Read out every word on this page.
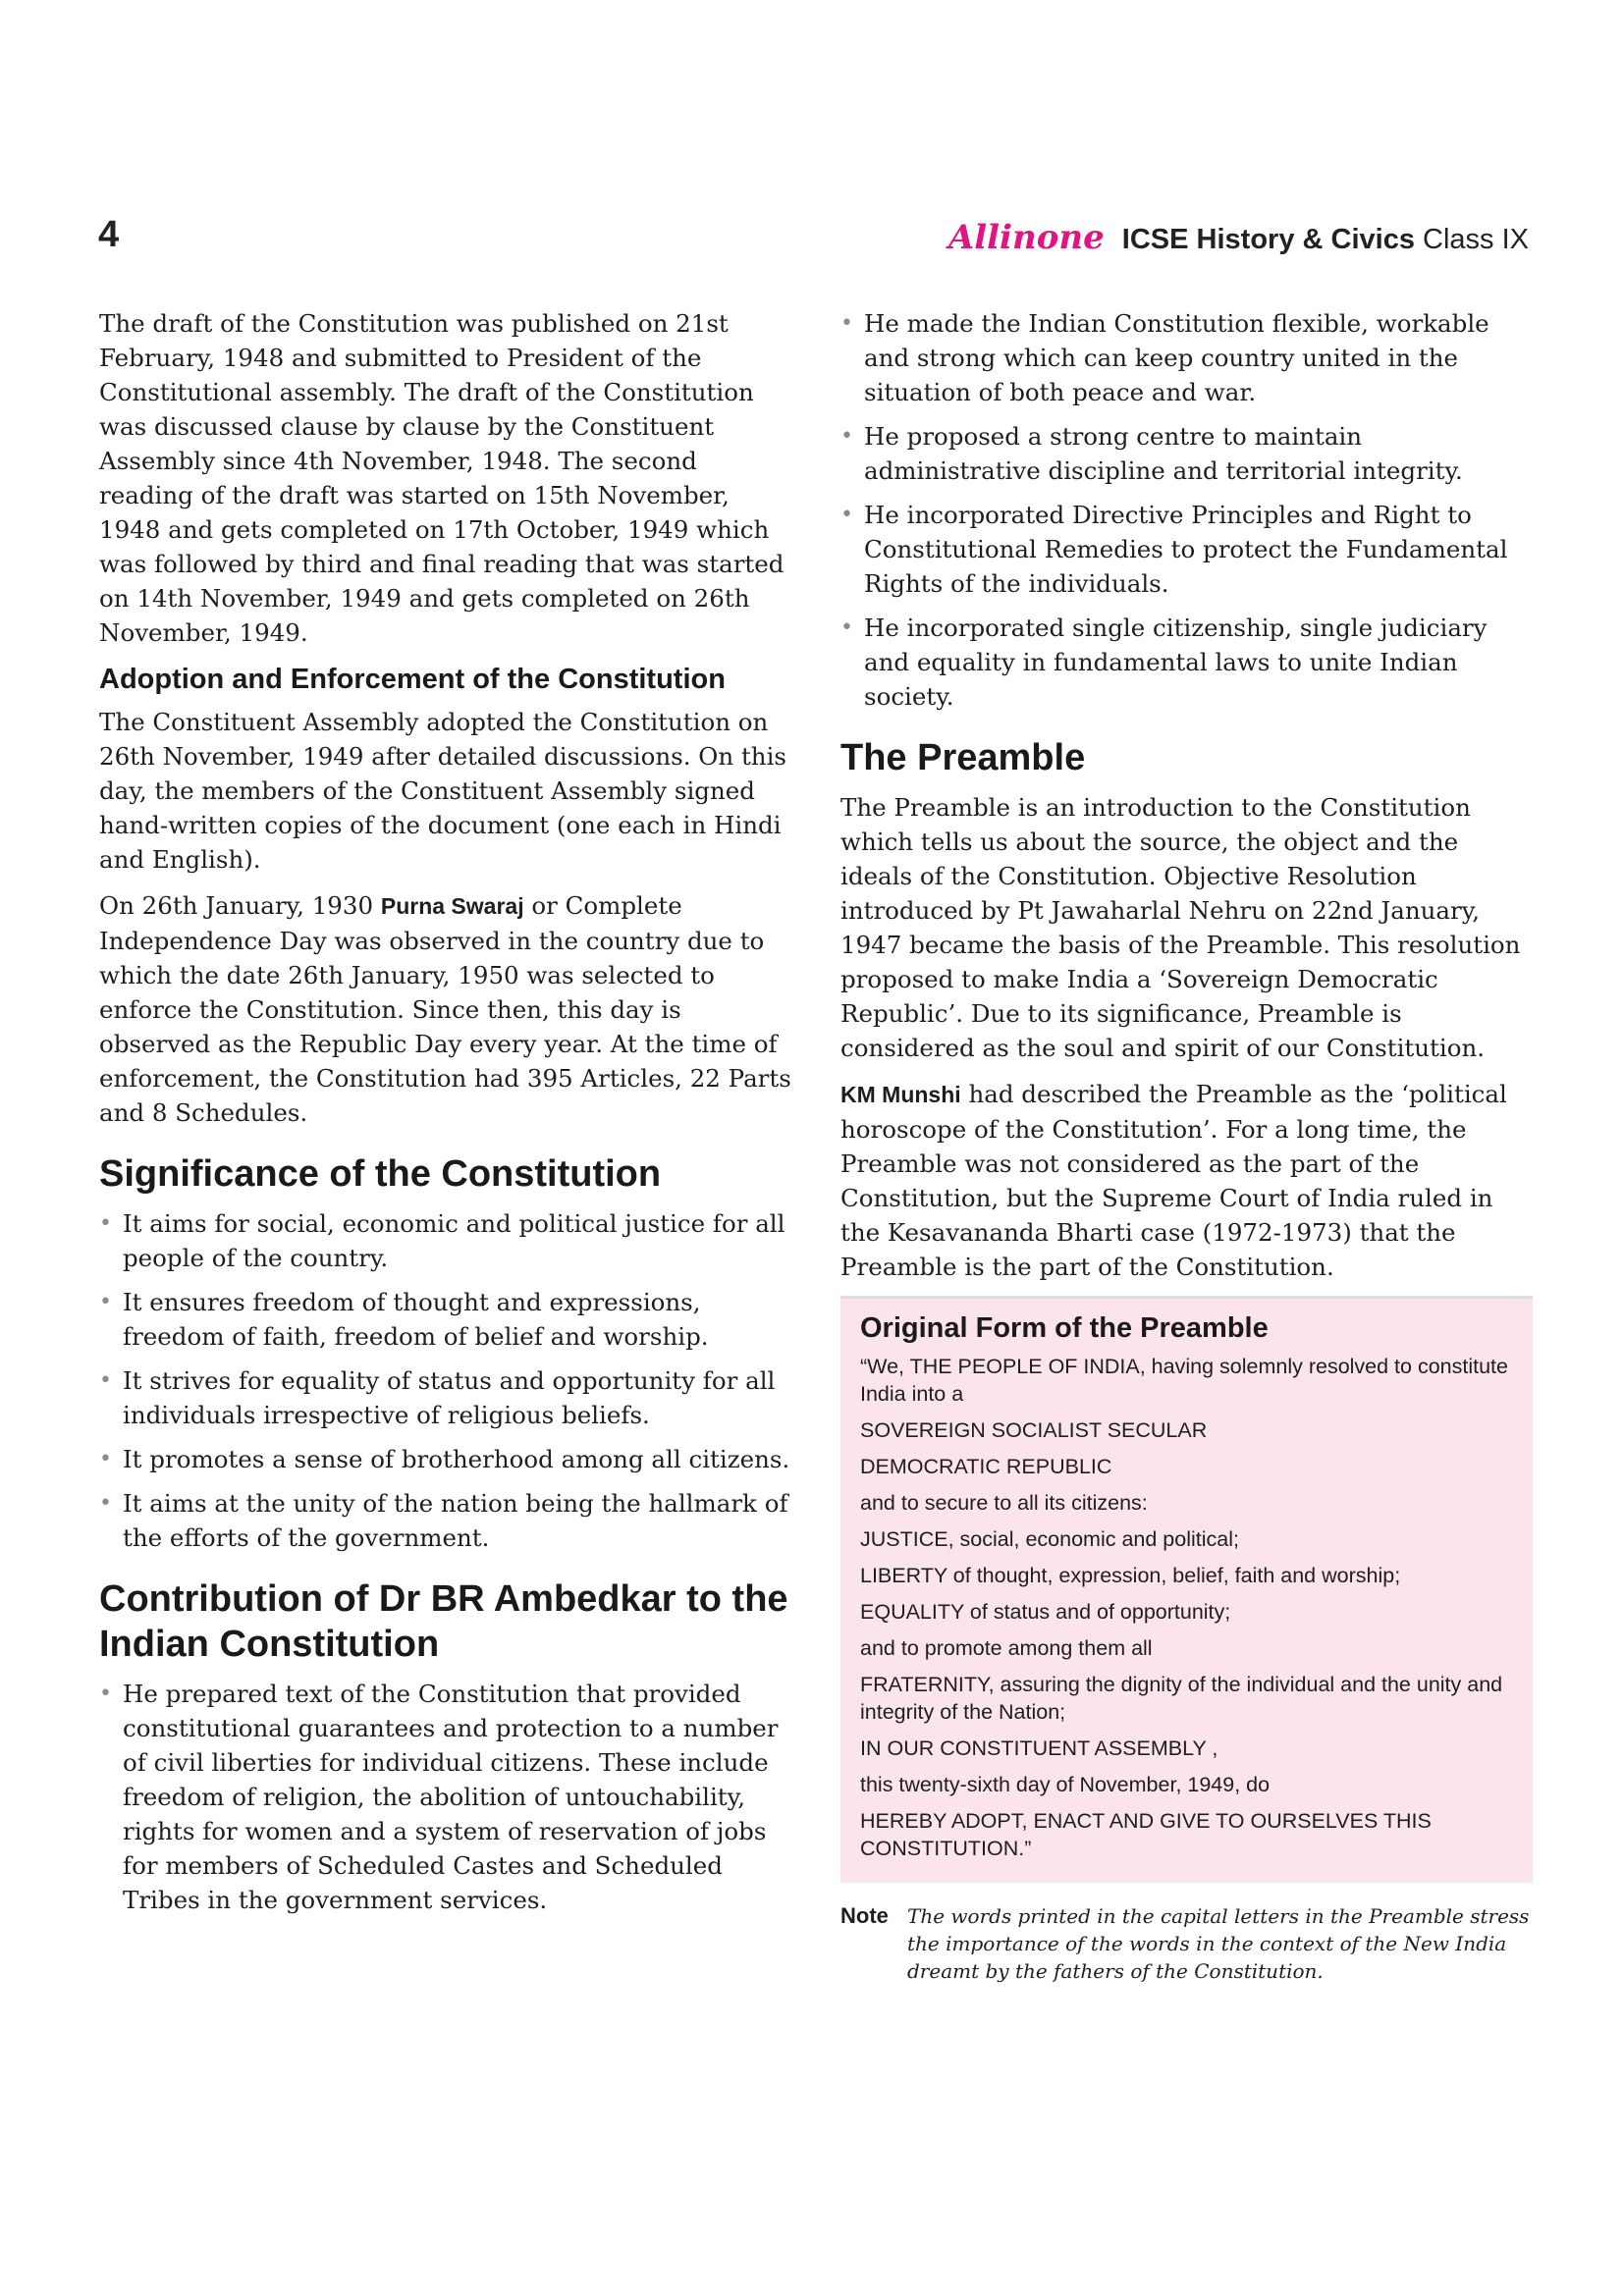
4	Allinone ICSE History & Civics Class IX

The draft of the Constitution was published on 21st February, 1948 and submitted to President of the Constitutional assembly. The draft of the Constitution was discussed clause by clause by the Constituent Assembly since 4th November, 1948. The second reading of the draft was started on 15th November, 1948 and gets completed on 17th October, 1949 which was followed by third and final reading that was started on 14th November, 1949 and gets completed on 26th November, 1949.

Adoption and Enforcement of the Constitution

The Constituent Assembly adopted the Constitution on 26th November, 1949 after detailed discussions. On this day, the members of the Constituent Assembly signed hand-written copies of the document (one each in Hindi and English).

On 26th January, 1930 Purna Swaraj or Complete Independence Day was observed in the country due to which the date 26th January, 1950 was selected to enforce the Constitution. Since then, this day is observed as the Republic Day every year. At the time of enforcement, the Constitution had 395 Articles, 22 Parts and 8 Schedules.

Significance of the Constitution
• It aims for social, economic and political justice for all people of the country.
• It ensures freedom of thought and expressions, freedom of faith, freedom of belief and worship.
• It strives for equality of status and opportunity for all individuals irrespective of religious beliefs.
• It promotes a sense of brotherhood among all citizens.
• It aims at the unity of the nation being the hallmark of the efforts of the government.
Contribution of Dr BR Ambedkar to the Indian Constitution
• He prepared text of the Constitution that provided constitutional guarantees and protection to a number of civil liberties for individual citizens. These include freedom of religion, the abolition of untouchability, rights for women and a system of reservation of jobs for members of Scheduled Castes and Scheduled Tribes in the government services.
• He made the Indian Constitution flexible, workable and strong which can keep country united in the situation of both peace and war.
• He proposed a strong centre to maintain administrative discipline and territorial integrity.
• He incorporated Directive Principles and Right to Constitutional Remedies to protect the Fundamental Rights of the individuals.
• He incorporated single citizenship, single judiciary and equality in fundamental laws to unite Indian society.
The Preamble

The Preamble is an introduction to the Constitution which tells us about the source, the object and the ideals of the Constitution. Objective Resolution introduced by Pt Jawaharlal Nehru on 22nd January, 1947 became the basis of the Preamble. This resolution proposed to make India a ‘Sovereign Democratic Republic’. Due to its significance, Preamble is considered as the soul and spirit of our Constitution.

KM Munshi had described the Preamble as the ‘political horoscope of the Constitution’. For a long time, the Preamble was not considered as the part of the Constitution, but the Supreme Court of India ruled in the Kesavananda Bharti case (1972-1973) that the Preamble is the part of the Constitution.

Original Form of the Preamble
“We, THE PEOPLE OF INDIA, having solemnly resolved to constitute India into a
SOVEREIGN SOCIALIST SECULAR
DEMOCRATIC REPUBLIC
and to secure to all its citizens:
JUSTICE, social, economic and political;
LIBERTY of thought, expression, belief, faith and worship;
EQUALITY of status and of opportunity;
and to promote among them all
FRATERNITY, assuring the dignity of the individual and the unity and integrity of the Nation;
IN OUR CONSTITUENT ASSEMBLY ,
this twenty-sixth day of November, 1949, do
HEREBY ADOPT, ENACT AND GIVE TO OURSELVES THIS CONSTITUTION.”
Note The words printed in the capital letters in the Preamble stress the importance of the words in the context of the New India dreamt by the fathers of the Constitution.
